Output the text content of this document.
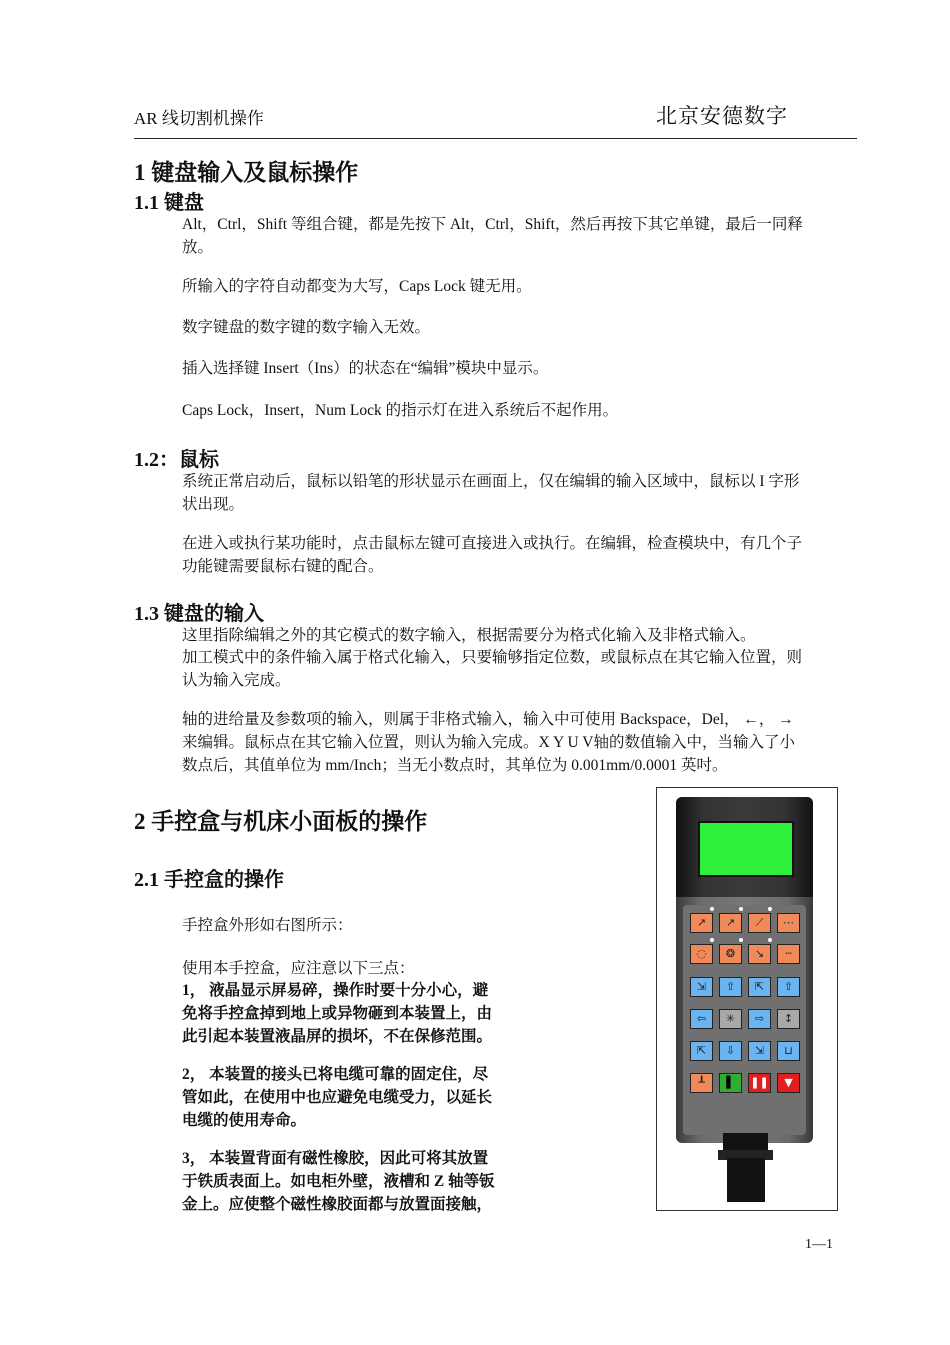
AR 线切割机操作	北京安德数字
1 键盘输入及鼠标操作
1.1 键盘
Alt，Ctrl，Shift 等组合键，都是先按下 Alt，Ctrl，Shift，然后再按下其它单键，最后一同释
放。
所输入的字符自动都变为大写，Caps Lock 键无用。
数字键盘的数字键的数字输入无效。
插入选择键 Insert（Ins）的状态在“编辑”模块中显示。
Caps Lock，Insert，Num Lock 的指示灯在进入系统后不起作用。
1.2：鼠标
系统正常启动后，鼠标以铅笔的形状显示在画面上，仅在编辑的输入区域中，鼠标以 I 字形
状出现。
在进入或执行某功能时，点击鼠标左键可直接进入或执行。在编辑，检查模块中，有几个子
功能键需要鼠标右键的配合。
1.3 键盘的输入
这里指除编辑之外的其它模式的数字输入，根据需要分为格式化输入及非格式输入。
加工模式中的条件输入属于格式化输入，只要输够指定位数，或鼠标点在其它输入位置，则
认为输入完成。
轴的进给量及参数项的输入，则属于非格式输入，输入中可使用 Backspace，Del， ←， →
来编辑。鼠标点在其它输入位置，则认为输入完成。X Y U V轴的数值输入中，当输入了小
数点后，其值单位为 mm/Inch；当无小数点时，其单位为 0.001mm/0.0001 英吋。
2 手控盒与机床小面板的操作
2.1 手控盒的操作
手控盒外形如右图所示：
使用本手控盒，应注意以下三点：
1， 液晶显示屏易碎，操作时要十分小心，避
免将手控盒掉到地上或异物砸到本装置上，由
此引起本装置液晶屏的损坏，不在保修范围。
2， 本装置的接头已将电缆可靠的固定住，尽
管如此，在使用中也应避免电缆受力，以延长
电缆的使用寿命。
3， 本装置背面有磁性橡胶，因此可将其放置
于铁质表面上。如电柜外壁，液槽和 Z 轴等钣
金上。应使整个磁性橡胶面都与放置面接触，
↗	↗	⟋	⋯
◌	❂	↘	┄
⇲	⇧	⇱	⇧
⇦	✳	⇨	↕
⇱	⇩	⇲	⊔
┸	▌	❚❚	▼
1—1
